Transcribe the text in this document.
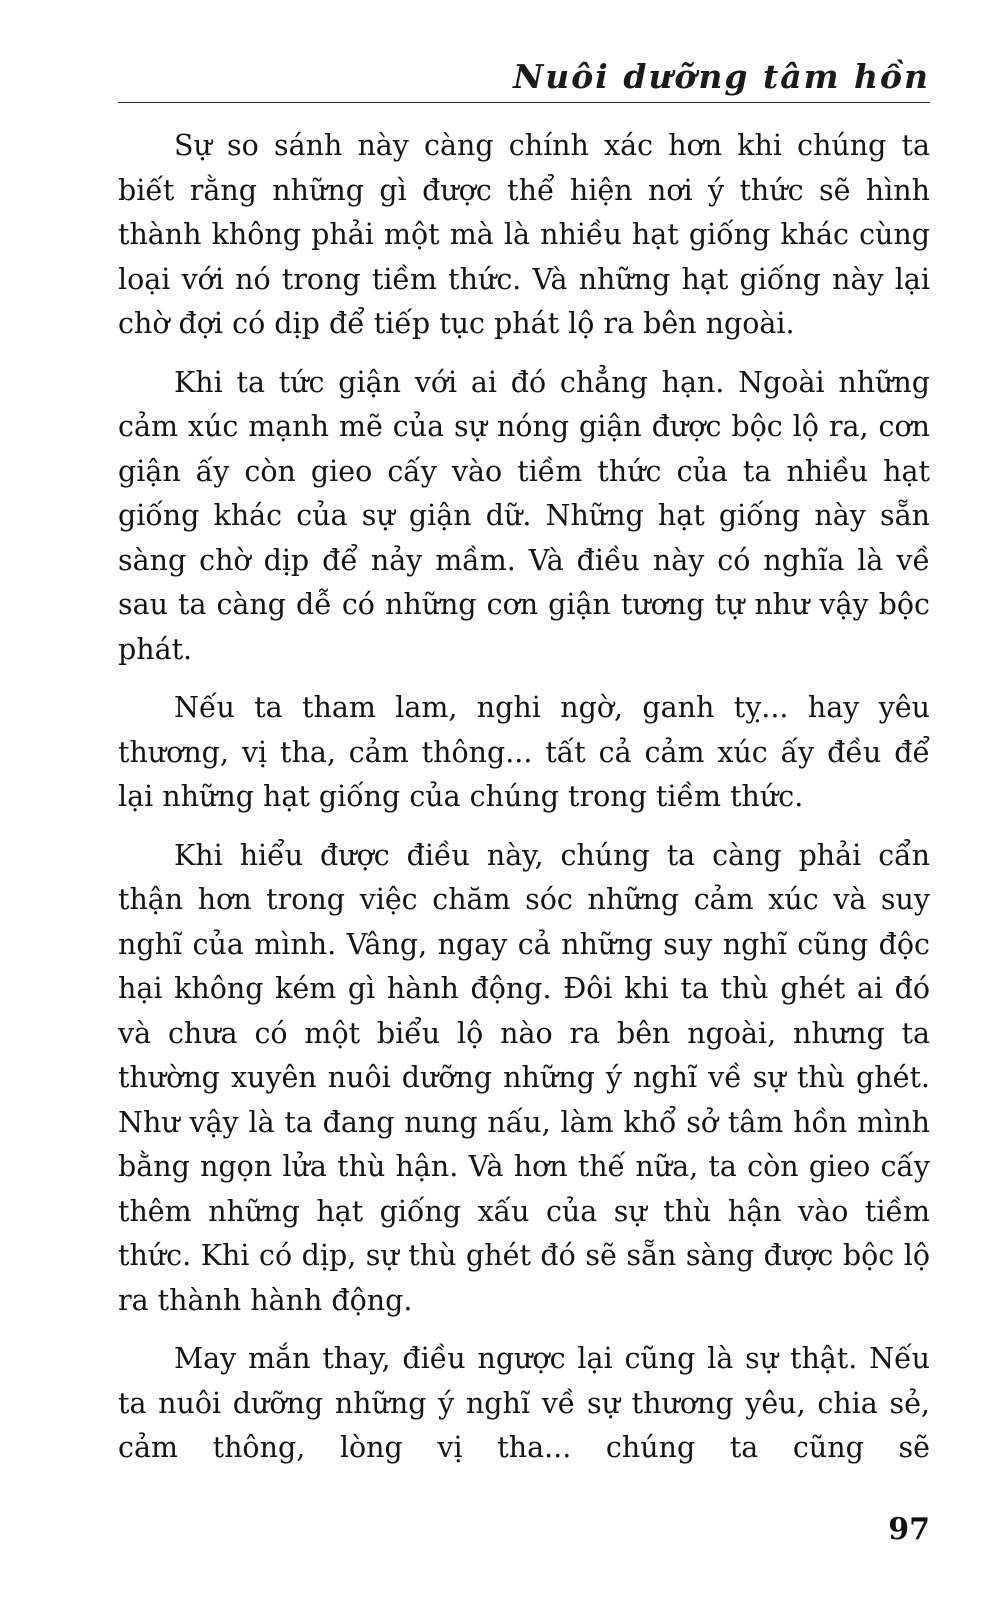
Nuôi dưỡng tâm hồn

Sự so sánh này càng chính xác hơn khi chúng ta biết rằng những gì được thể hiện nơi ý thức sẽ hình thành không phải một mà là nhiều hạt giống khác cùng loại với nó trong tiềm thức. Và những hạt giống này lại chờ đợi có dịp để tiếp tục phát lộ ra bên ngoài.

Khi ta tức giận với ai đó chẳng hạn. Ngoài những cảm xúc mạnh mẽ của sự nóng giận được bộc lộ ra, cơn giận ấy còn gieo cấy vào tiềm thức của ta nhiều hạt giống khác của sự giận dữ. Những hạt giống này sẵn sàng chờ dịp để nảy mầm. Và điều này có nghĩa là về sau ta càng dễ có những cơn giận tương tự như vậy bộc phát.

Nếu ta tham lam, nghi ngờ, ganh tỵ... hay yêu thương, vị tha, cảm thông... tất cả cảm xúc ấy đều để lại những hạt giống của chúng trong tiềm thức.

Khi hiểu được điều này, chúng ta càng phải cẩn thận hơn trong việc chăm sóc những cảm xúc và suy nghĩ của mình. Vâng, ngay cả những suy nghĩ cũng độc hại không kém gì hành động. Đôi khi ta thù ghét ai đó và chưa có một biểu lộ nào ra bên ngoài, nhưng ta thường xuyên nuôi dưỡng những ý nghĩ về sự thù ghét. Như vậy là ta đang nung nấu, làm khổ sở tâm hồn mình bằng ngọn lửa thù hận. Và hơn thế nữa, ta còn gieo cấy thêm những hạt giống xấu của sự thù hận vào tiềm thức. Khi có dịp, sự thù ghét đó sẽ sẵn sàng được bộc lộ ra thành hành động.

May mắn thay, điều ngược lại cũng là sự thật. Nếu ta nuôi dưỡng những ý nghĩ về sự thương yêu, chia sẻ, cảm thông, lòng vị tha... chúng ta cũng sẽ

97
